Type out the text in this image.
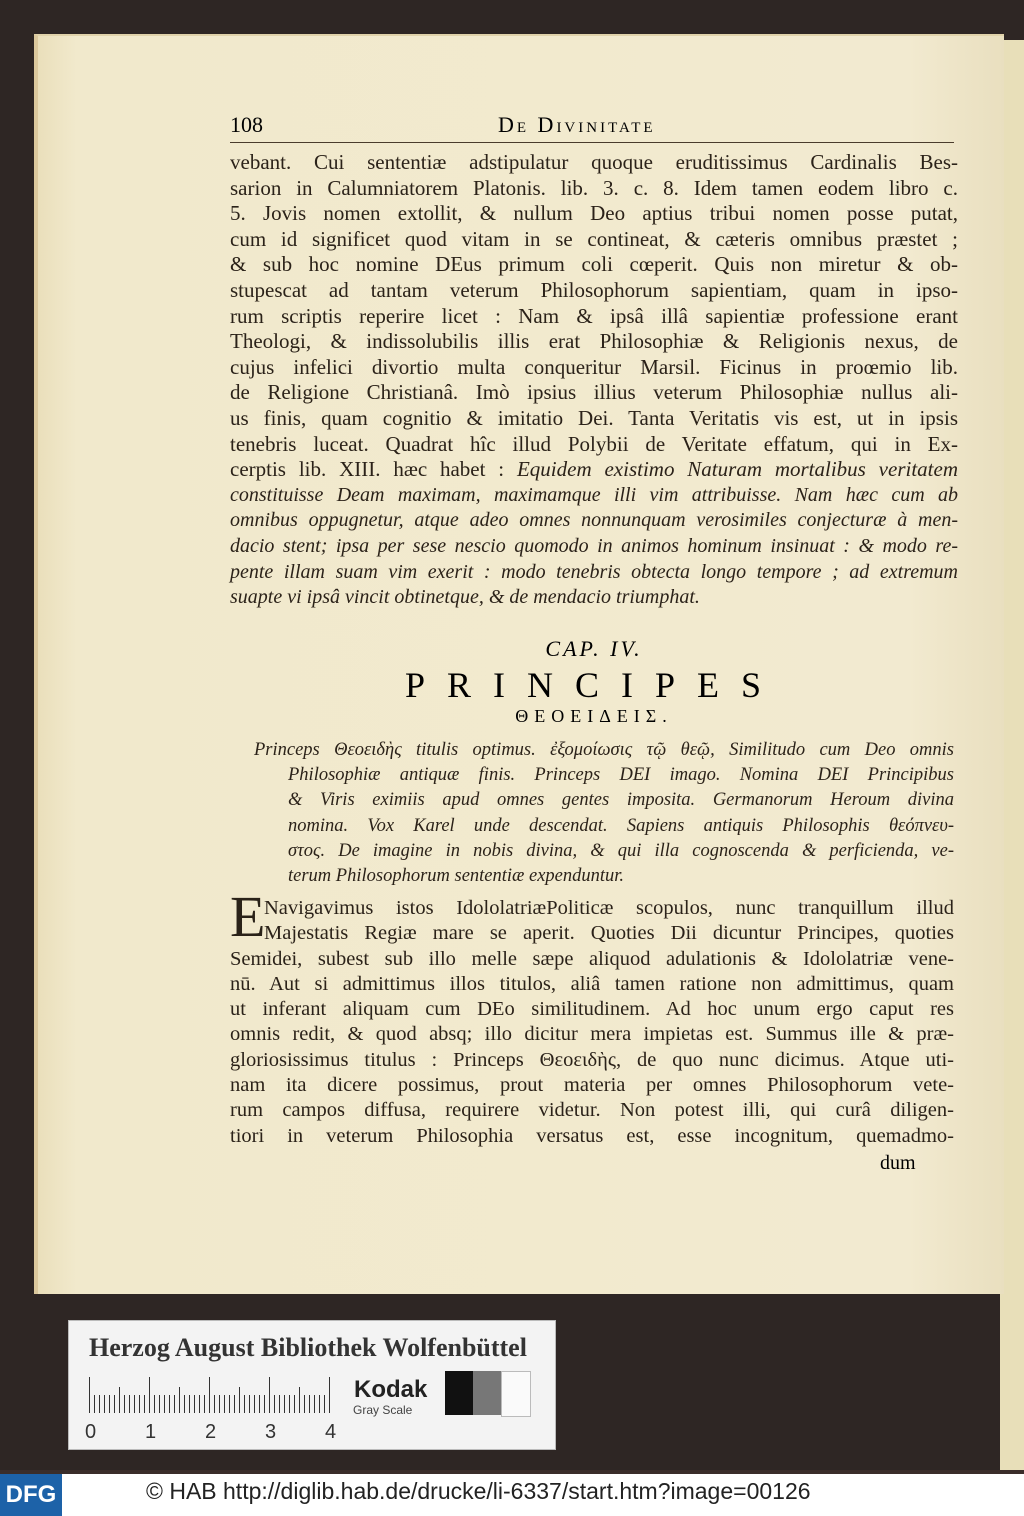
108	De Divinitate
vebant. Cui sententiæ adstipulatur quoque eruditissimus Cardinalis Bes-
sarion in Calumniatorem Platonis. lib. 3. c. 8. Idem tamen eodem libro c.
5. Jovis nomen extollit, & nullum Deo aptius tribui nomen posse putat,
cum id significet quod vitam in se contineat, & cæteris omnibus præstet ;
& sub hoc nomine DEus primum coli cœperit. Quis non miretur & ob-
stupescat ad tantam veterum Philosophorum sapientiam, quam in ipso-
rum scriptis reperire licet : Nam & ipsâ illâ sapientiæ professione erant
Theologi, & indissolubilis illis erat Philosophiæ & Religionis nexus, de
cujus infelici divortio multa conqueritur Marsil. Ficinus in proœmio lib.
de Religione Christianâ. Imò ipsius illius veterum Philosophiæ nullus ali-
us finis, quam cognitio & imitatio Dei. Tanta Veritatis vis est, ut in ipsis
tenebris luceat. Quadrat hîc illud Polybii de Veritate effatum, qui in Ex-
cerptis lib. XIII. hæc habet : Equidem existimo Naturam mortalibus veritatem
constituisse Deam maximam, maximamque illi vim attribuisse. Nam hæc cum ab
omnibus oppugnetur, atque adeo omnes nonnunquam verosimiles conjecturæ à men-
dacio stent; ipsa per sese nescio quomodo in animos hominum insinuat : & modo re-
pente illam suam vim exerit : modo tenebris obtecta longo tempore ; ad extremum
suapte vi ipsâ vincit obtinetque, & de mendacio triumphat.
CAP. IV.
PRINCIPES
ΘΕΟΕΙΔΕΙΣ.
Princeps Θεοειδὴς titulis optimus. ἐξομοίωσις τῷ θεῷ, Similitudo cum Deo omnis
Philosophiæ antiquæ finis. Princeps DEI imago. Nomina DEI Principibus
& Viris eximiis apud omnes gentes imposita. Germanorum Heroum divina
nomina. Vox Karel unde descendat. Sapiens antiquis Philosophis θεόπνευ-
στος. De imagine in nobis divina, & qui illa cognoscenda & perficienda, ve-
terum Philosophorum sententiæ expenduntur.
E
Navigavimus istos IdololatriæPoliticæ scopulos, nunc tranquillum illud
Majestatis Regiæ mare se aperit. Quoties Dii dicuntur Principes, quoties
Semidei, subest sub illo melle sæpe aliquod adulationis & Idololatriæ vene-
nū. Aut si admittimus illos titulos, aliâ tamen ratione non admittimus, quam
ut inferant aliquam cum DEo similitudinem. Ad hoc unum ergo caput res
omnis redit, & quod absq; illo dicitur mera impietas est. Summus ille & præ-
gloriosissimus titulus : Princeps Θεοειδὴς, de quo nunc dicimus. Atque uti-
nam ita dicere possimus, prout materia per omnes Philosophorum vete-
rum campos diffusa, requirere videtur. Non potest illi, qui curâ diligen-
tiori in veterum Philosophia versatus est, esse incognitum, quemadmo-
dum
Herzog August Bibliothek Wolfenbüttel
0 1 2 3 4
Kodak
Gray Scale
DFG	© HAB http://diglib.hab.de/drucke/li-6337/start.htm?image=00126
